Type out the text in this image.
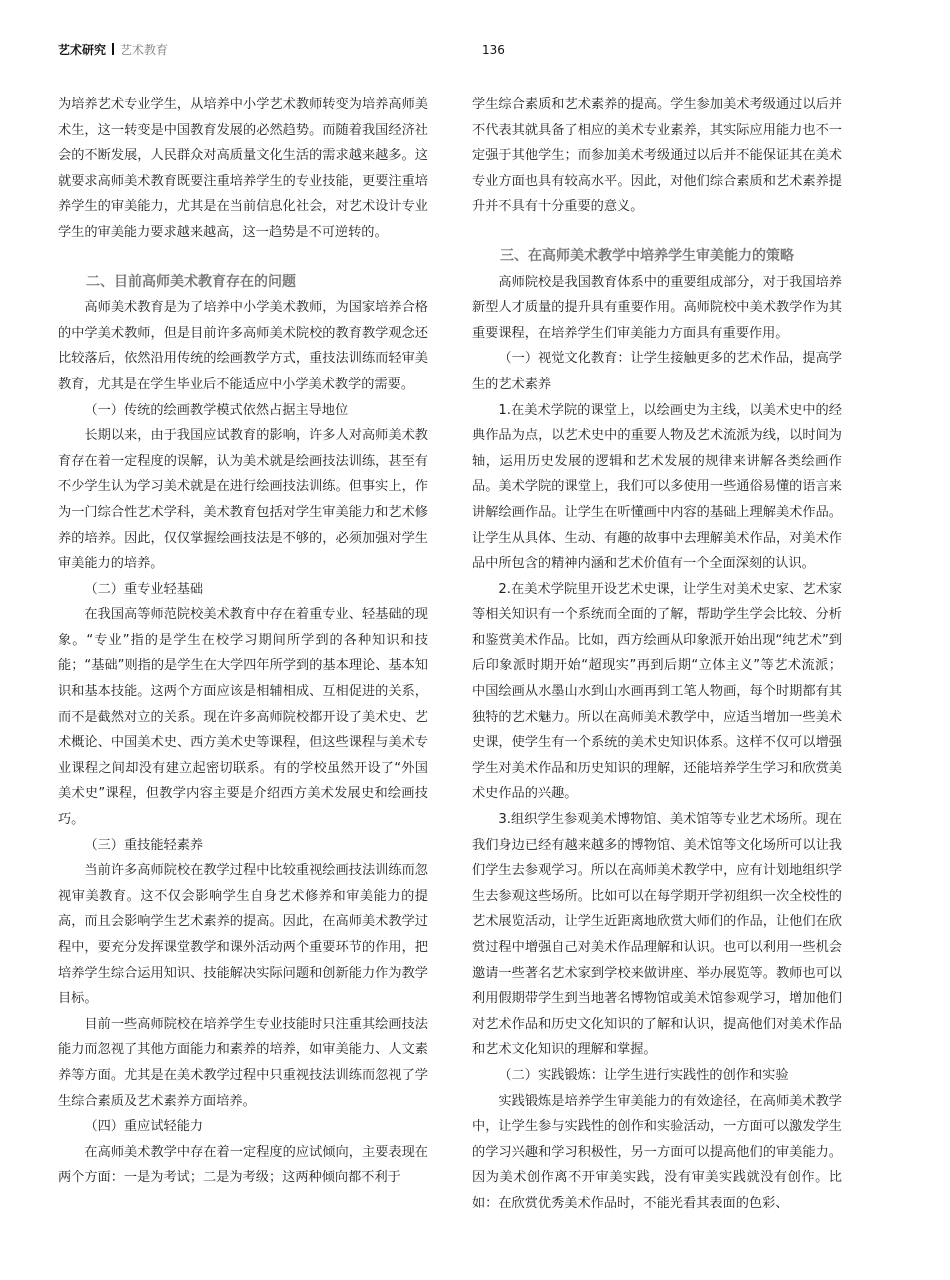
艺术研究 艺术教育	136

为培养艺术专业学生，从培养中小学艺术教师转变为培养高师美术生，这一转变是中国教育发展的必然趋势。而随着我国经济社会的不断发展，人民群众对高质量文化生活的需求越来越多。这就要求高师美术教育既要注重培养学生的专业技能，更要注重培养学生的审美能力，尤其是在当前信息化社会，对艺术设计专业学生的审美能力要求越来越高，这一趋势是不可逆转的。

二、目前高师美术教育存在的问题

高师美术教育是为了培养中小学美术教师，为国家培养合格的中学美术教师，但是目前许多高师美术院校的教育教学观念还比较落后，依然沿用传统的绘画教学方式，重技法训练而轻审美教育，尤其是在学生毕业后不能适应中小学美术教学的需要。

（一）传统的绘画教学模式依然占据主导地位

长期以来，由于我国应试教育的影响，许多人对高师美术教育存在着一定程度的误解，认为美术就是绘画技法训练，甚至有不少学生认为学习美术就是在进行绘画技法训练。但事实上，作为一门综合性艺术学科，美术教育包括对学生审美能力和艺术修养的培养。因此，仅仅掌握绘画技法是不够的，必须加强对学生审美能力的培养。

（二）重专业轻基础

在我国高等师范院校美术教育中存在着重专业、轻基础的现象。“专业”指的是学生在校学习期间所学到的各种知识和技能；“基础”则指的是学生在大学四年所学到的基本理论、基本知识和基本技能。这两个方面应该是相辅相成、互相促进的关系，而不是截然对立的关系。现在许多高师院校都开设了美术史、艺术概论、中国美术史、西方美术史等课程，但这些课程与美术专业课程之间却没有建立起密切联系。有的学校虽然开设了“外国美术史”课程，但教学内容主要是介绍西方美术发展史和绘画技巧。

（三）重技能轻素养

当前许多高师院校在教学过程中比较重视绘画技法训练而忽视审美教育。这不仅会影响学生自身艺术修养和审美能力的提高，而且会影响学生艺术素养的提高。因此，在高师美术教学过程中，要充分发挥课堂教学和课外活动两个重要环节的作用，把培养学生综合运用知识、技能解决实际问题和创新能力作为教学目标。

目前一些高师院校在培养学生专业技能时只注重其绘画技法能力而忽视了其他方面能力和素养的培养，如审美能力、人文素养等方面。尤其是在美术教学过程中只重视技法训练而忽视了学生综合素质及艺术素养方面培养。

（四）重应试轻能力

在高师美术教学中存在着一定程度的应试倾向，主要表现在两个方面：一是为考试；二是为考级；这两种倾向都不利于

学生综合素质和艺术素养的提高。学生参加美术考级通过以后并不代表其就具备了相应的美术专业素养，其实际应用能力也不一定强于其他学生；而参加美术考级通过以后并不能保证其在美术专业方面也具有较高水平。因此，对他们综合素质和艺术素养提升并不具有十分重要的意义。

三、在高师美术教学中培养学生审美能力的策略

高师院校是我国教育体系中的重要组成部分，对于我国培养新型人才质量的提升具有重要作用。高师院校中美术教学作为其重要课程，在培养学生们审美能力方面具有重要作用。

（一）视觉文化教育：让学生接触更多的艺术作品，提高学生的艺术素养

1.在美术学院的课堂上，以绘画史为主线，以美术史中的经典作品为点，以艺术史中的重要人物及艺术流派为线，以时间为轴，运用历史发展的逻辑和艺术发展的规律来讲解各类绘画作品。美术学院的课堂上，我们可以多使用一些通俗易懂的语言来讲解绘画作品。让学生在听懂画中内容的基础上理解美术作品。让学生从具体、生动、有趣的故事中去理解美术作品，对美术作品中所包含的精神内涵和艺术价值有一个全面深刻的认识。

2.在美术学院里开设艺术史课，让学生对美术史家、艺术家等相关知识有一个系统而全面的了解，帮助学生学会比较、分析和鉴赏美术作品。比如，西方绘画从印象派开始出现“纯艺术”到后印象派时期开始“超现实”再到后期“立体主义”等艺术流派；中国绘画从水墨山水到山水画再到工笔人物画，每个时期都有其独特的艺术魅力。所以在高师美术教学中，应适当增加一些美术史课，使学生有一个系统的美术史知识体系。这样不仅可以增强学生对美术作品和历史知识的理解，还能培养学生学习和欣赏美术史作品的兴趣。

3.组织学生参观美术博物馆、美术馆等专业艺术场所。现在我们身边已经有越来越多的博物馆、美术馆等文化场所可以让我们学生去参观学习。所以在高师美术教学中，应有计划地组织学生去参观这些场所。比如可以在每学期开学初组织一次全校性的艺术展览活动，让学生近距离地欣赏大师们的作品，让他们在欣赏过程中增强自己对美术作品理解和认识。也可以利用一些机会邀请一些著名艺术家到学校来做讲座、举办展览等。教师也可以利用假期带学生到当地著名博物馆或美术馆参观学习，增加他们对艺术作品和历史文化知识的了解和认识，提高他们对美术作品和艺术文化知识的理解和掌握。

（二）实践锻炼：让学生进行实践性的创作和实验

实践锻炼是培养学生审美能力的有效途径，在高师美术教学中，让学生参与实践性的创作和实验活动，一方面可以激发学生的学习兴趣和学习积极性，另一方面可以提高他们的审美能力。因为美术创作离不开审美实践，没有审美实践就没有创作。比如：在欣赏优秀美术作品时，不能光看其表面的色彩、
